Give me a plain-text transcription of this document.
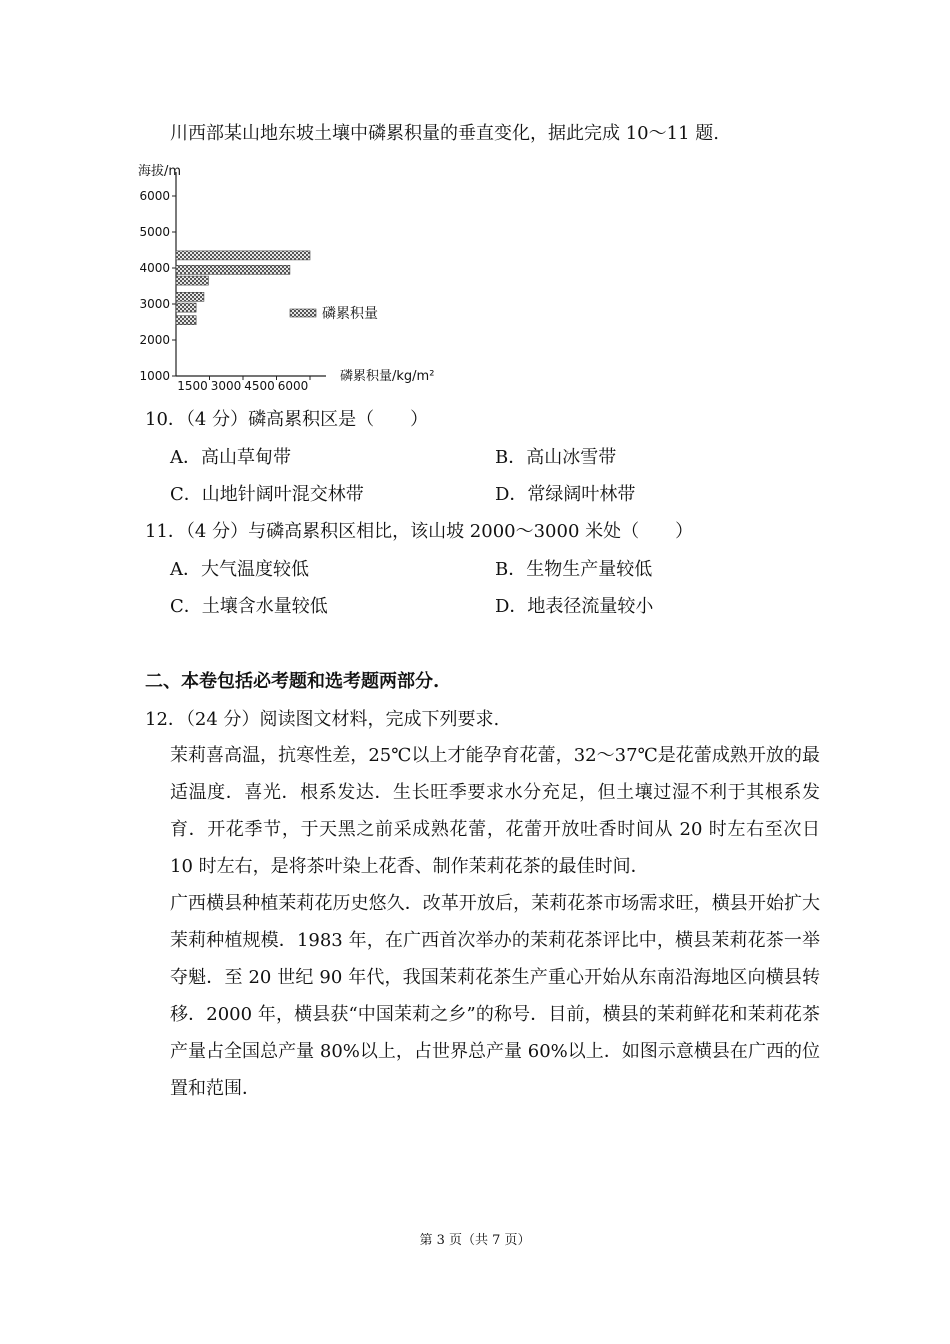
川西部某山地东坡土壤中磷累积量的垂直变化，据此完成 10～11 题.
海拔/m
磷累积量/kg/m²
6000
5000
4000
3000
2000
1000
1500 3000 4500 6000
磷累积量
10．（4 分）磷高累积区是（　　）
A．高山草甸带	B．高山冰雪带
C．山地针阔叶混交林带	D．常绿阔叶林带
11．（4 分）与磷高累积区相比，该山坡 2000～3000 米处（　　）
A．大气温度较低	B．生物生产量较低
C．土壤含水量较低	D．地表径流量较小
二、本卷包括必考题和选考题两部分.
12．（24 分）阅读图文材料，完成下列要求.
茉莉喜高温，抗寒性差，25℃以上才能孕育花蕾，32～37℃是花蕾成熟开放的最适温度．喜光．根系发达．生长旺季要求水分充足，但土壤过湿不利于其根系发育．开花季节，于天黑之前采成熟花蕾，花蕾开放吐香时间从 20 时左右至次日 10 时左右，是将茶叶染上花香、制作茉莉花茶的最佳时间．
广西横县种植茉莉花历史悠久．改革开放后，茉莉花茶市场需求旺，横县开始扩大茉莉种植规模．1983 年，在广西首次举办的茉莉花茶评比中，横县茉莉花茶一举夺魁．至 20 世纪 90 年代，我国茉莉花茶生产重心开始从东南沿海地区向横县转移．2000 年，横县获“中国茉莉之乡”的称号．目前，横县的茉莉鲜花和茉莉花茶产量占全国总产量 80%以上，占世界总产量 60%以上．如图示意横县在广西的位置和范围．
第 3 页（共 7 页）
